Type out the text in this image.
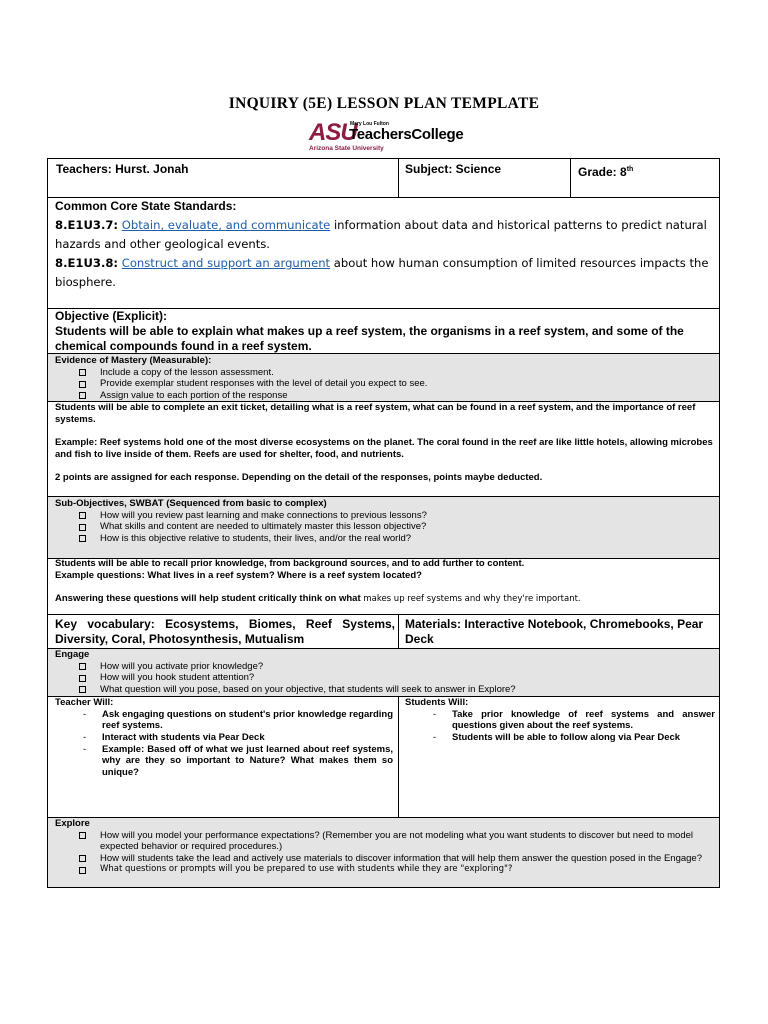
INQUIRY (5E) LESSON PLAN TEMPLATE
ASU
Mary Lou Fulton
TeachersCollege
Arizona State University
Teachers: Hurst. Jonah	Subject: Science	Grade: 8th

Common Core State Standards:

8.E1U3.7: Obtain, evaluate, and communicate information about data and historical patterns to predict natural hazards and other geological events.

8.E1U3.8: Construct and support an argument about how human consumption of limited resources impacts the biosphere.

Objective (Explicit):

Students will be able to explain what makes up a reef system, the organisms in a reef system, and some of the chemical compounds found in a reef system.

Evidence of Mastery (Measurable):

Include a copy of the lesson assessment.
Provide exemplar student responses with the level of detail you expect to see.
Assign value to each portion of the response

Students will be able to complete an exit ticket, detailing what is a reef system, what can be found in a reef system, and the importance of reef systems.

Example: Reef systems hold one of the most diverse ecosystems on the planet. The coral found in the reef are like little hotels, allowing microbes and fish to live inside of them. Reefs are used for shelter, food, and nutrients.

2 points are assigned for each response. Depending on the detail of the responses, points maybe deducted.

Sub-Objectives, SWBAT (Sequenced from basic to complex)

How will you review past learning and make connections to previous lessons?
What skills and content are needed to ultimately master this lesson objective?
How is this objective relative to students, their lives, and/or the real world?

Students will be able to recall prior knowledge, from background sources, and to add further to content.

Example questions: What lives in a reef system? Where is a reef system located?

Answering these questions will help student critically think on what makes up reef systems and why they're important.

Key vocabulary: Ecosystems, Biomes, Reef Systems, Diversity, Coral, Photosynthesis, Mutualism
Materials: Interactive Notebook, Chromebooks, Pear Deck

Engage

How will you activate prior knowledge?
How will you hook student attention?
What question will you pose, based on your objective, that students will seek to answer in Explore?

Teacher Will:

- Ask engaging questions on student's prior knowledge regarding reef systems.
- Interact with students via Pear Deck
- Example: Based off of what we just learned about reef systems, why are they so important to Nature? What makes them so unique?

Students Will:

- Take prior knowledge of reef systems and answer questions given about the reef systems.
- Students will be able to follow along via Pear Deck

Explore

How will you model your performance expectations? (Remember you are not modeling what you want students to discover but need to model expected behavior or required procedures.)
How will students take the lead and actively use materials to discover information that will help them answer the question posed in the Engage?
What questions or prompts will you be prepared to use with students while they are "exploring"?
